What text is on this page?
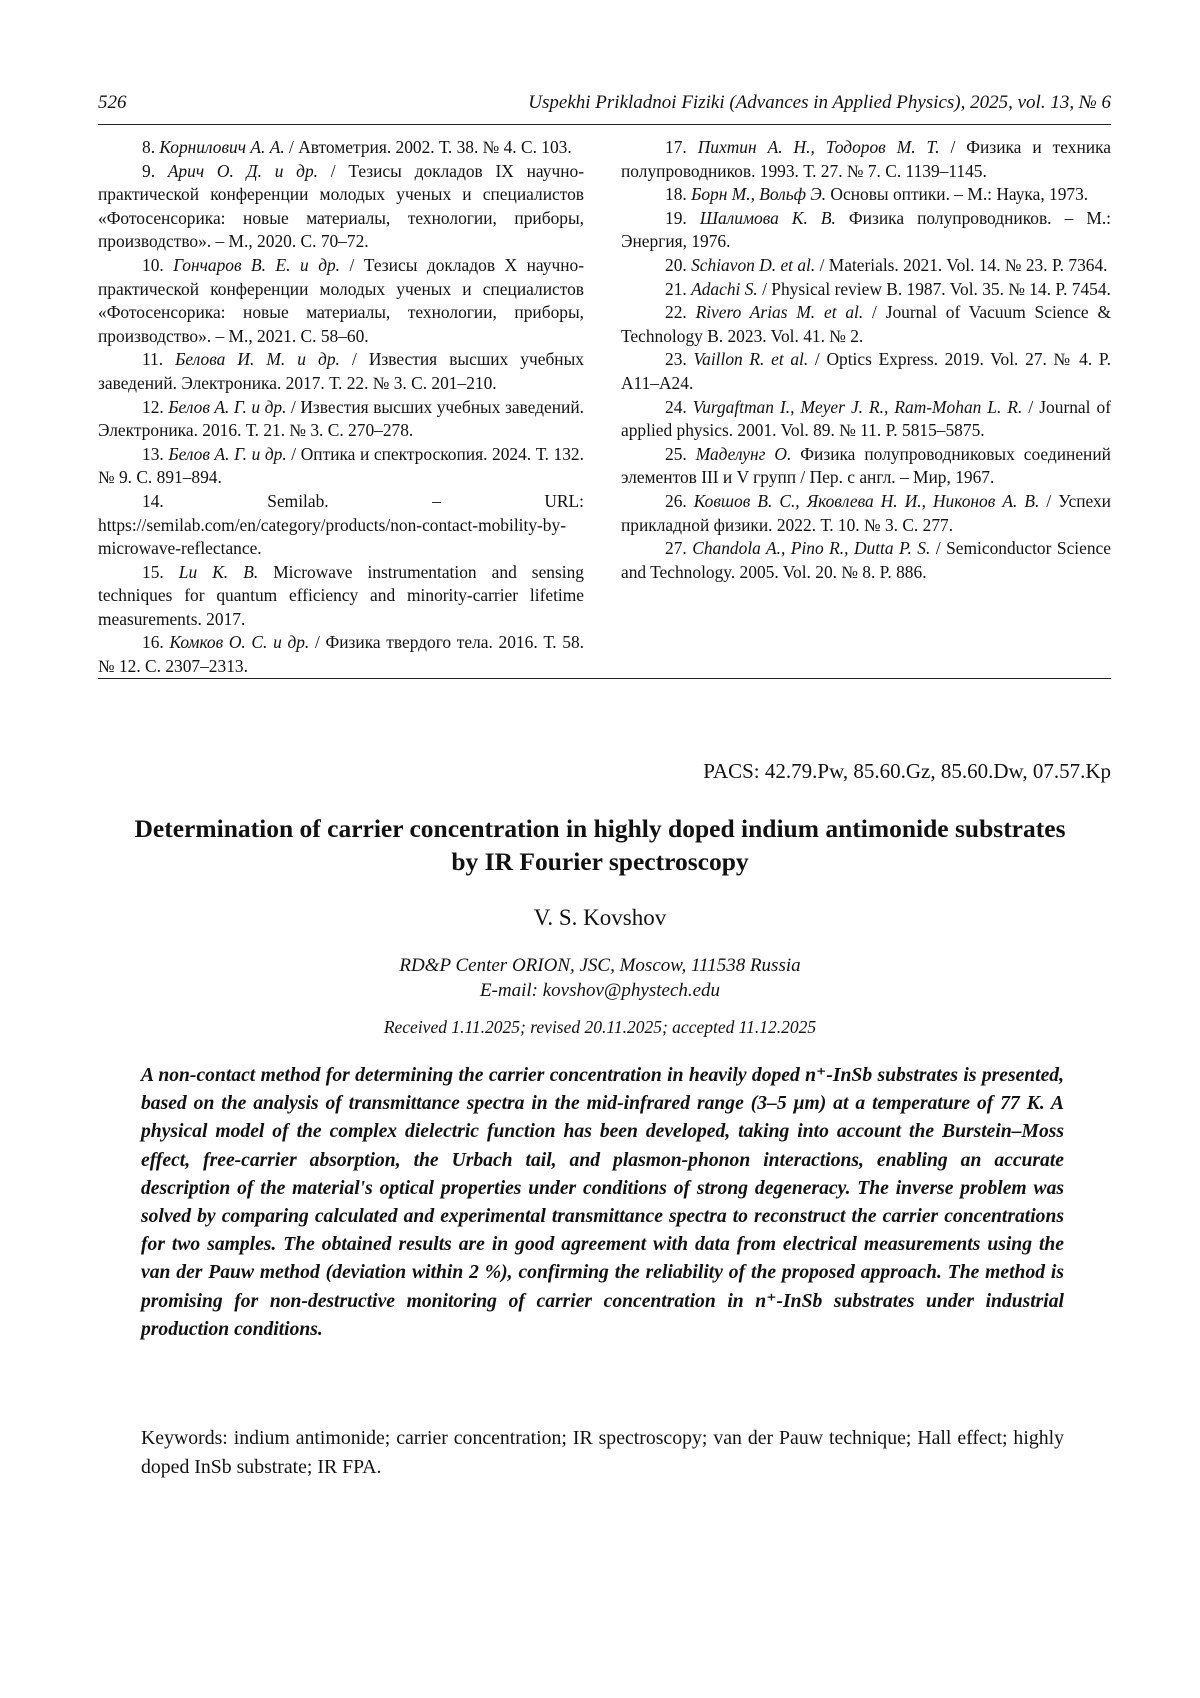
526	Uspekhi Prikladnoi Fiziki (Advances in Applied Physics), 2025, vol. 13, № 6

8. Корнилович А. А. / Автометрия. 2002. Т. 38. № 4. С. 103.

9. Арич О. Д. и др. / Тезисы докладов IX научно-практической конференции молодых ученых и специалистов «Фотосенсорика: новые материалы, технологии, приборы, производство». – М., 2020. С. 70–72.

10. Гончаров В. Е. и др. / Тезисы докладов X научно-практической конференции молодых ученых и специалистов «Фотосенсорика: новые материалы, технологии, приборы, производство». – М., 2021. С. 58–60.

11. Белова И. М. и др. / Известия высших учебных заведений. Электроника. 2017. Т. 22. № 3. С. 201–210.

12. Белов А. Г. и др. / Известия высших учебных заведений. Электроника. 2016. Т. 21. № 3. С. 270–278.

13. Белов А. Г. и др. / Оптика и спектроскопия. 2024. Т. 132. № 9. С. 891–894.

14.	Semilab. – URL: https://semilab.com/en/category/products/non-contact-mobility-by-microwave-reflectance.

15. Lu K. B. Microwave instrumentation and sensing techniques for quantum efficiency and minority-carrier lifetime measurements. 2017.

16. Комков О. С. и др. / Физика твердого тела. 2016. Т. 58. № 12. С. 2307–2313.

17. Пихтин А. Н., Тодоров М. Т. / Физика и техника полупроводников. 1993. Т. 27. № 7. С. 1139–1145.

18. Борн М., Вольф Э. Основы оптики. – М.: Наука, 1973.

19. Шалимова К. В. Физика полупроводников. – М.: Энергия, 1976.

20. Schiavon D. et al. / Materials. 2021. Vol. 14. № 23. P. 7364.

21. Adachi S. / Physical review B. 1987. Vol. 35. № 14. P. 7454.

22. Rivero Arias M. et al. / Journal of Vacuum Science & Technology B. 2023. Vol. 41. № 2.

23. Vaillon R. et al. / Optics Express. 2019. Vol. 27. № 4. P. A11–A24.

24. Vurgaftman I., Meyer J. R., Ram-Mohan L. R. / Journal of applied physics. 2001. Vol. 89. № 11. P. 5815–5875.

25. Маделунг О. Физика полупроводниковых соединений элементов III и V групп / Пер. с англ. – Мир, 1967.

26. Ковшов В. С., Яковлева Н. И., Никонов А. В. / Успехи прикладной физики. 2022. Т. 10. № 3. С. 277.

27. Chandola A., Pino R., Dutta P. S. / Semiconductor Science and Technology. 2005. Vol. 20. № 8. P. 886.

PACS: 42.79.Pw, 85.60.Gz, 85.60.Dw, 07.57.Kp
Determination of carrier concentration in highly doped indium antimonide substrates by IR Fourier spectroscopy
V. S. Kovshov
RD&P Center ORION, JSC, Moscow, 111538 Russia
E-mail: kovshov@phystech.edu
Received 1.11.2025; revised 20.11.2025; accepted 11.12.2025

A non-contact method for determining the carrier concentration in heavily doped n⁺-InSb substrates is presented, based on the analysis of transmittance spectra in the mid-infrared range (3–5 μm) at a temperature of 77 K. A physical model of the complex dielectric function has been developed, taking into account the Burstein–Moss effect, free-carrier absorption, the Urbach tail, and plasmon-phonon interactions, enabling an accurate description of the material's optical properties under conditions of strong degeneracy. The inverse problem was solved by comparing calculated and experimental transmittance spectra to reconstruct the carrier concentrations for two samples. The obtained results are in good agreement with data from electrical measurements using the van der Pauw method (deviation within 2 %), confirming the reliability of the proposed approach. The method is promising for non-destructive monitoring of carrier concentration in n⁺-InSb substrates under industrial production conditions.

Keywords: indium antimonide; carrier concentration; IR spectroscopy; van der Pauw technique; Hall effect; highly doped InSb substrate; IR FPA.
